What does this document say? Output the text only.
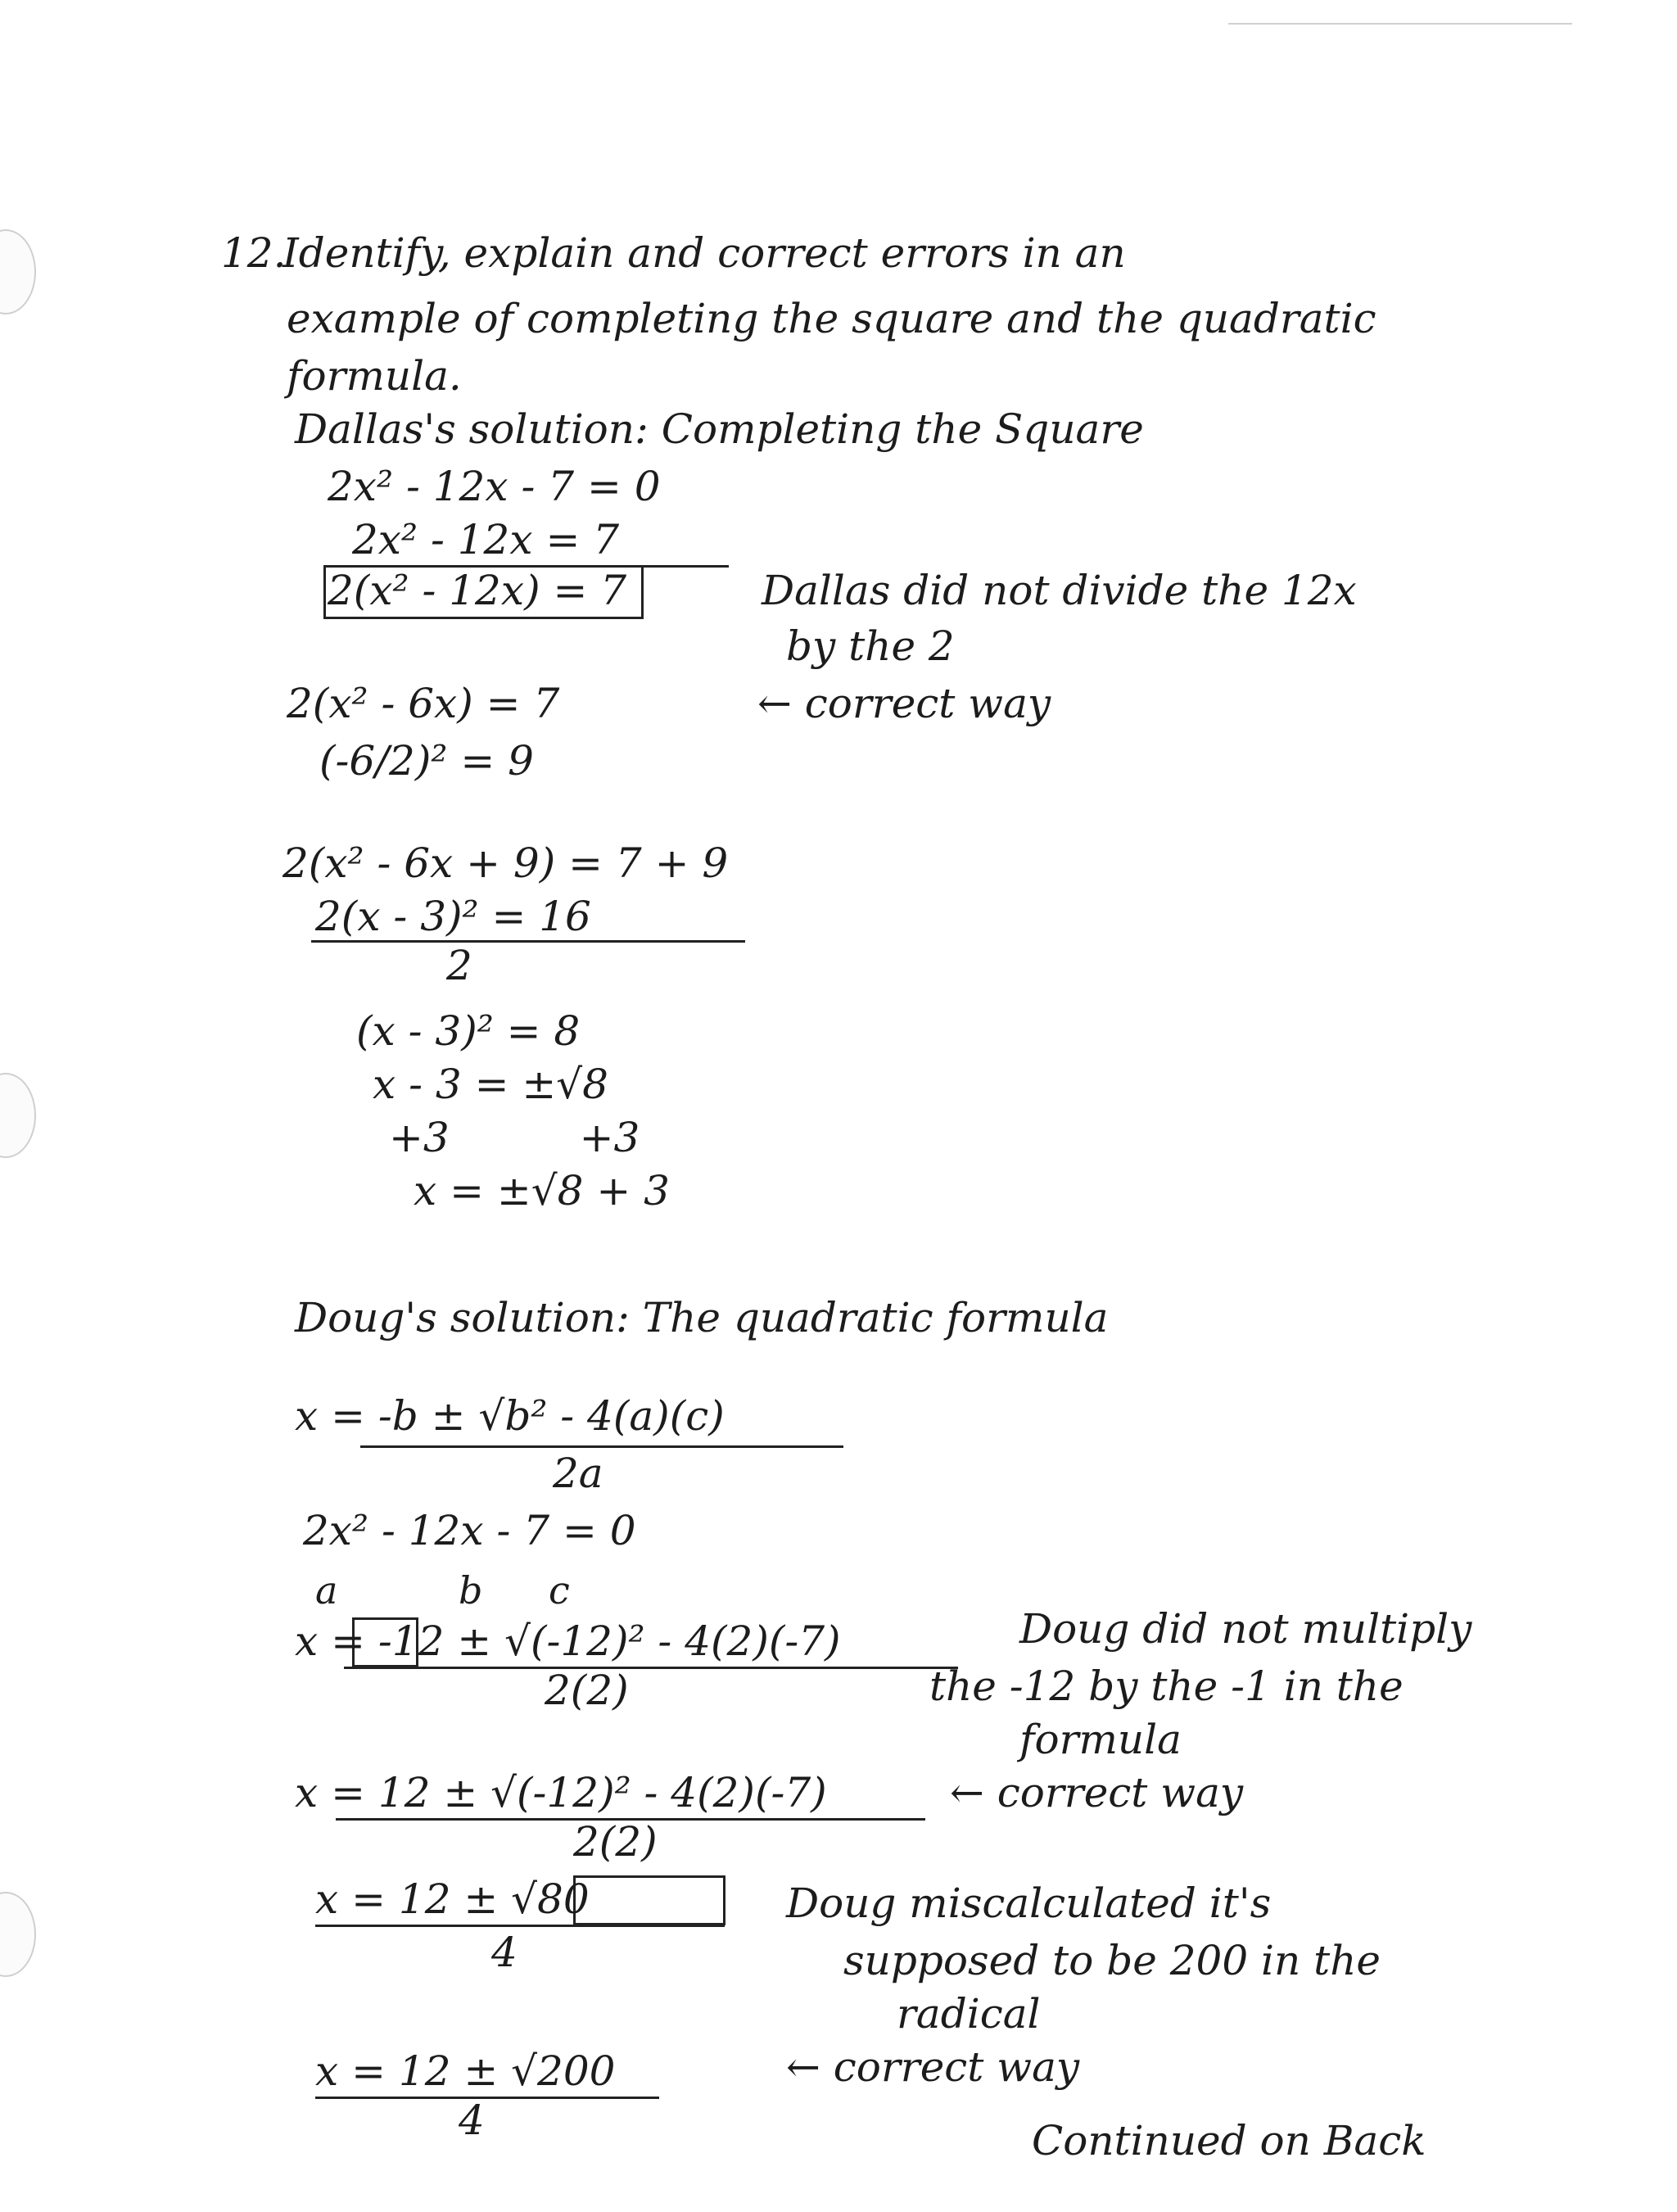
12.
Identify, explain and correct errors in an
example of completing the square and the quadratic
formula.
Dallas's solution: Completing the Square
2x² - 12x - 7 = 0
2x² - 12x = 7
2(x² - 12x) = 7	Dallas did not divide the 12x
by the 2
2(x² - 6x) = 7	← correct way
(-6/2)² = 9
2(x² - 6x + 9) = 7 + 9
2(x - 3)² = 16
2
(x - 3)² = 8
x - 3 = ±√8
+3          +3
x = ±√8 + 3
Doug's solution: The quadratic formula
x = -b ± √b² - 4(a)(c)
2a
2x² - 12x - 7 = 0
a	b c
x = -12 ± √(-12)² - 4(2)(-7)
2(2)
Doug did not multiply
the -12 by the -1 in the
formula
x = 12 ± √(-12)² - 4(2)(-7)
2(2)
← correct way
x = 12 ± √80
4
Doug miscalculated it's
supposed to be 200 in the
radical
x = 12 ± √200
4
← correct way
Continued on Back
